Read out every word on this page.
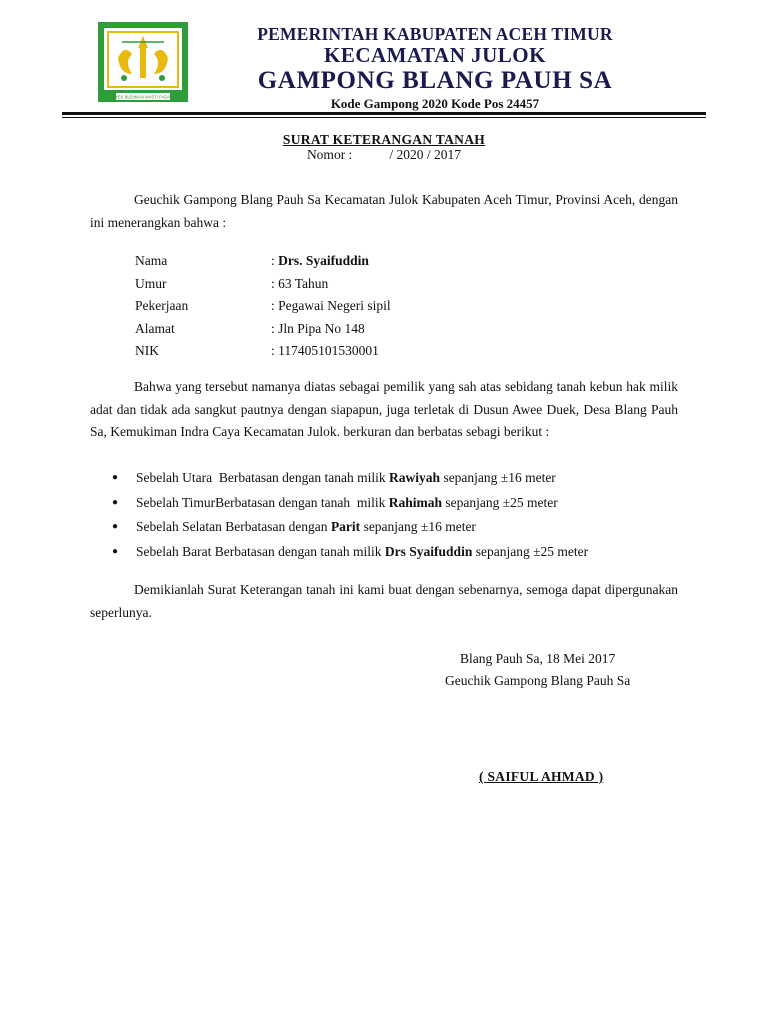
RAYEK BUDIMAN MASTI PADANG
PEMERINTAH KABUPATEN ACEH TIMUR
KECAMATAN JULOK
GAMPONG BLANG PAUH SA
Kode Gampong 2020 Kode Pos 24457
SURAT KETERANGAN TANAH
Nomor :           / 2020 / 2017
Geuchik Gampong Blang Pauh Sa Kecamatan Julok Kabupaten Aceh Timur, Provinsi Aceh, dengan ini menerangkan bahwa :
Nama	: Drs. Syaifuddin
Umur	: 63 Tahun
Pekerjaan	: Pegawai Negeri sipil
Alamat	: Jln Pipa No 148
NIK	: 117405101530001
Bahwa yang tersebut namanya diatas sebagai pemilik yang sah atas sebidang tanah kebun hak milik adat dan tidak ada sangkut pautnya dengan siapapun, juga terletak di Dusun Awee Duek, Desa Blang Pauh Sa, Kemukiman Indra Caya Kecamatan Julok. berkuran dan berbatas sebagi berikut :
●	Sebelah Utara  Berbatasan dengan tanah milik Rawiyah sepanjang ±16 meter
●	Sebelah TimurBerbatasan dengan tanah  milik Rahimah sepanjang ±25 meter
●	Sebelah Selatan Berbatasan dengan Parit sepanjang ±16 meter
●	Sebelah Barat Berbatasan dengan tanah milik Drs Syaifuddin sepanjang ±25 meter
Demikianlah Surat Keterangan tanah ini kami buat dengan sebenarnya, semoga dapat dipergunakan seperlunya.
Blang Pauh Sa, 18 Mei 2017
Geuchik Gampong Blang Pauh Sa
( SAIFUL AHMAD )
